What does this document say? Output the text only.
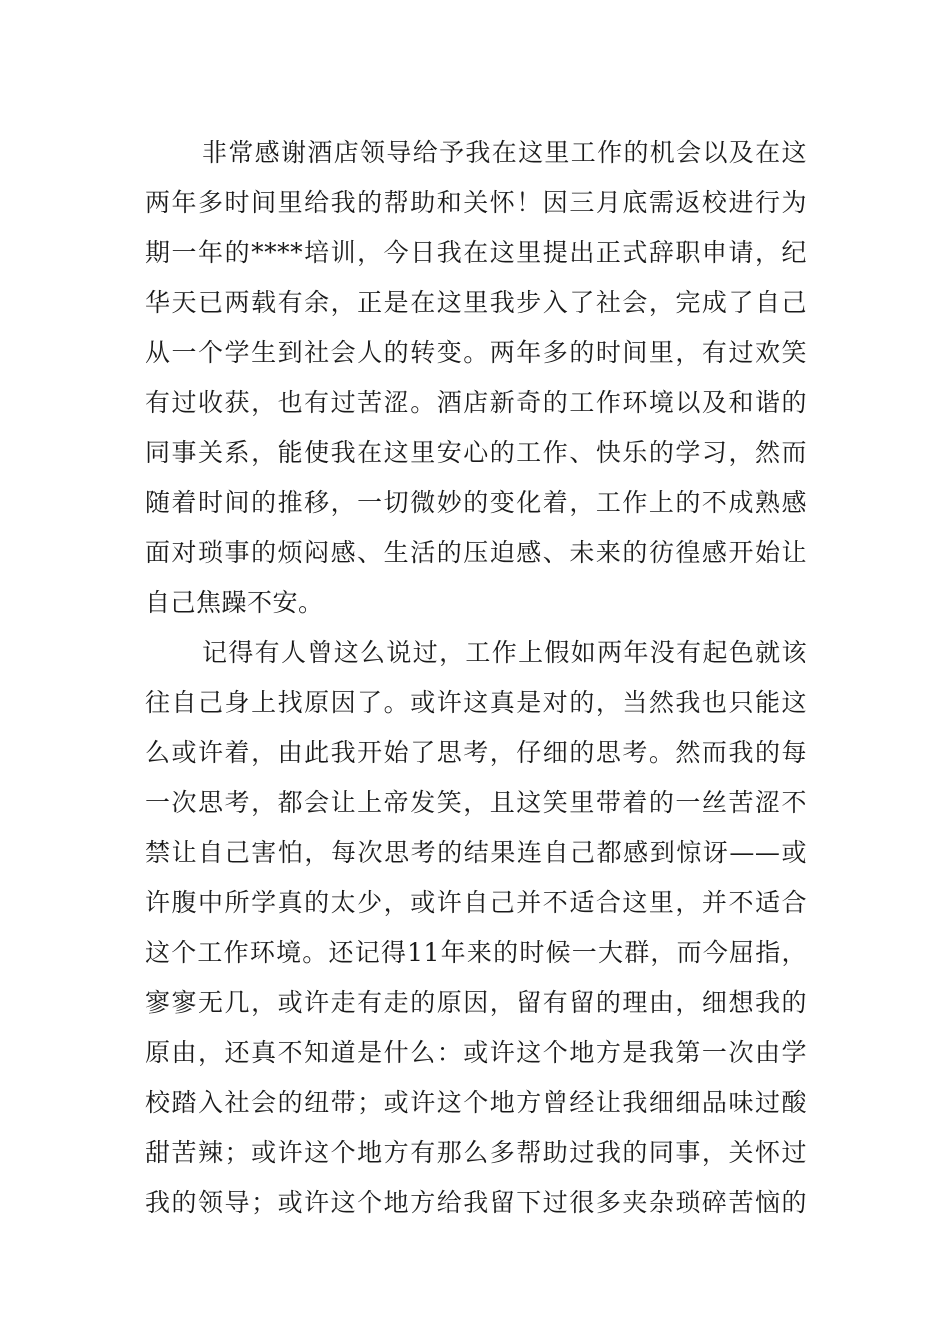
非常感谢酒店领导给予我在这里工作的机会以及在这
两年多时间里给我的帮助和关怀！因三月底需返校进行为
期一年的****培训，今日我在这里提出正式辞职申请，纪
华天已两载有余，正是在这里我步入了社会，完成了自己
从一个学生到社会人的转变。两年多的时间里，有过欢笑
有过收获，也有过苦涩。酒店新奇的工作环境以及和谐的
同事关系，能使我在这里安心的工作、快乐的学习，然而
随着时间的推移，一切微妙的变化着，工作上的不成熟感
面对琐事的烦闷感、生活的压迫感、未来的彷徨感开始让
自己焦躁不安。
记得有人曾这么说过，工作上假如两年没有起色就该
往自己身上找原因了。或许这真是对的，当然我也只能这
么或许着，由此我开始了思考，仔细的思考。然而我的每
一次思考，都会让上帝发笑，且这笑里带着的一丝苦涩不
禁让自己害怕，每次思考的结果连自己都感到惊讶——或
许腹中所学真的太少，或许自己并不适合这里，并不适合
这个工作环境。还记得11年来的时候一大群，而今屈指，
寥寥无几，或许走有走的原因，留有留的理由，细想我的
原由，还真不知道是什么：或许这个地方是我第一次由学
校踏入社会的纽带；或许这个地方曾经让我细细品味过酸
甜苦辣；或许这个地方有那么多帮助过我的同事，关怀过
我的领导；或许这个地方给我留下过很多夹杂琐碎苦恼的
